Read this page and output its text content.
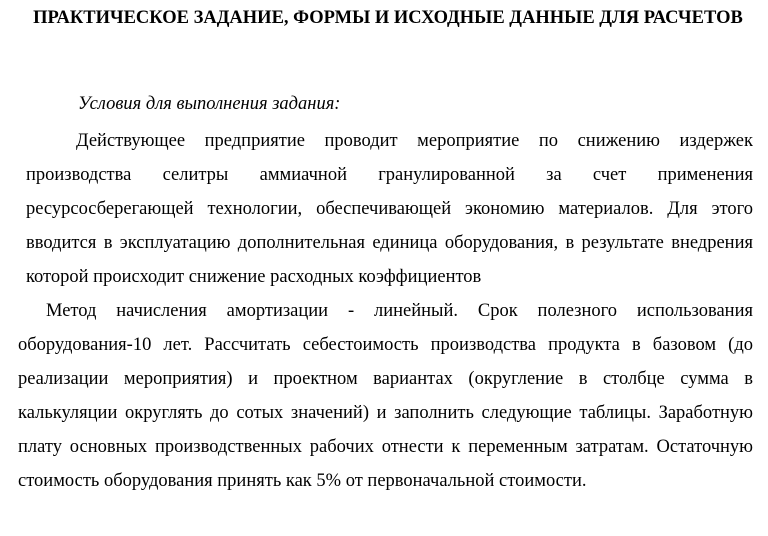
ПРАКТИЧЕСКОЕ ЗАДАНИЕ, ФОРМЫ И ИСХОДНЫЕ ДАННЫЕ ДЛЯ РАСЧЕТОВ

Условия для выполнения задания:

Действующее предприятие проводит мероприятие по снижению издержек производства селитры аммиачной гранулированной за счет применения ресурсосберегающей технологии, обеспечивающей экономию материалов. Для этого вводится в эксплуатацию дополнительная единица оборудования, в результате внедрения которой происходит снижение расходных коэффициентов

Метод начисления амортизации - линейный. Срок полезного использования оборудования-10 лет. Рассчитать себестоимость производства продукта в базовом (до реализации мероприятия) и проектном вариантах (округление в столбце сумма в калькуляции округлять до сотых значений) и заполнить следующие таблицы. Заработную плату основных производственных рабочих отнести к переменным затратам. Остаточную стоимость оборудования принять как 5% от первоначальной стоимости.
